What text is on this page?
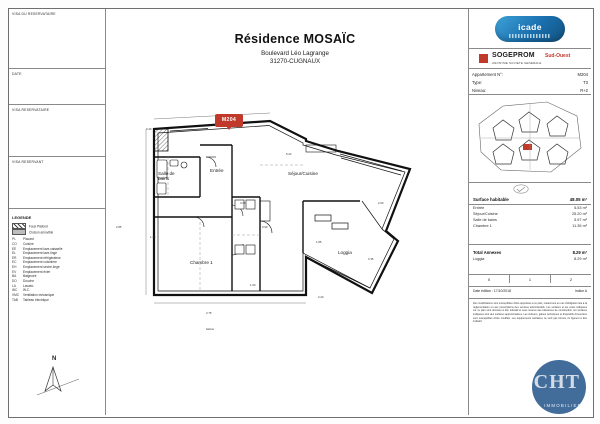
VISA DU RESERVATAIRE
DATE
VISA RESERVATAIRE
VISA RESERVANT
LEGENDE
Faux Plafond
Cloison amovible
PL Placard
CO Cuisine
EE Emplacement lave-vaisselle
EL Emplacement lave-linge
ER Emplacement réfrigérateur
EC Emplacement cuisinière
EH Emplacement sèche-linge
EV Emplacement évier
BA Baignoire
DO Douche
LA Lavabo
WC W.C.
VMC Ventilation mécanique
TAB Tableau électrique
N
Résidence MOSAÏC
Boulevard Léo Lagrange
31270-CUGNAUX
M204
Salle de
bains
Entrée
Séjour/Cuisine
Chambre 1
Loggia
3.40
5.22
3.05	2.60
2.85
1.85
3.35
1.20
3.75
1.00
0.90
2.20
balcon
icade
SOGEPROM Sud-Ouest
ANONYME SOCIETE GENERALE
Appartement N°:	M204
Type:	T3
Niveau:	R+2
Surface habitable	48.05 m²
Entrée	5.53 m²
Séjour/Cuisine	25.20 m²
Salle de bains	5.97 m²
Chambre 1	11.35 m²
Total Annexes	8.29 m²
Loggia	8.29 m²
0	1	2
Date édition : 17/10/2018	Indice A
Des modifications sont susceptibles d'être apportées à ce plan, notamment en cas d'obligation liée à la réglementation ou aux prescriptions des services administratifs. Les surfaces et les cotes indiquées sur ce plan sont données à titre indicatif et sous réserve des tolérances de construction, les surfaces indiquées sont des surfaces approximatives. Les cloisons, gaines techniques et dispositifs d'ouverture sont susceptibles d'être modifiés. Les équipements sanitaires ne sont pas fournis, ils figurent à titre indicatif.
CHT
IMMOBILIER
